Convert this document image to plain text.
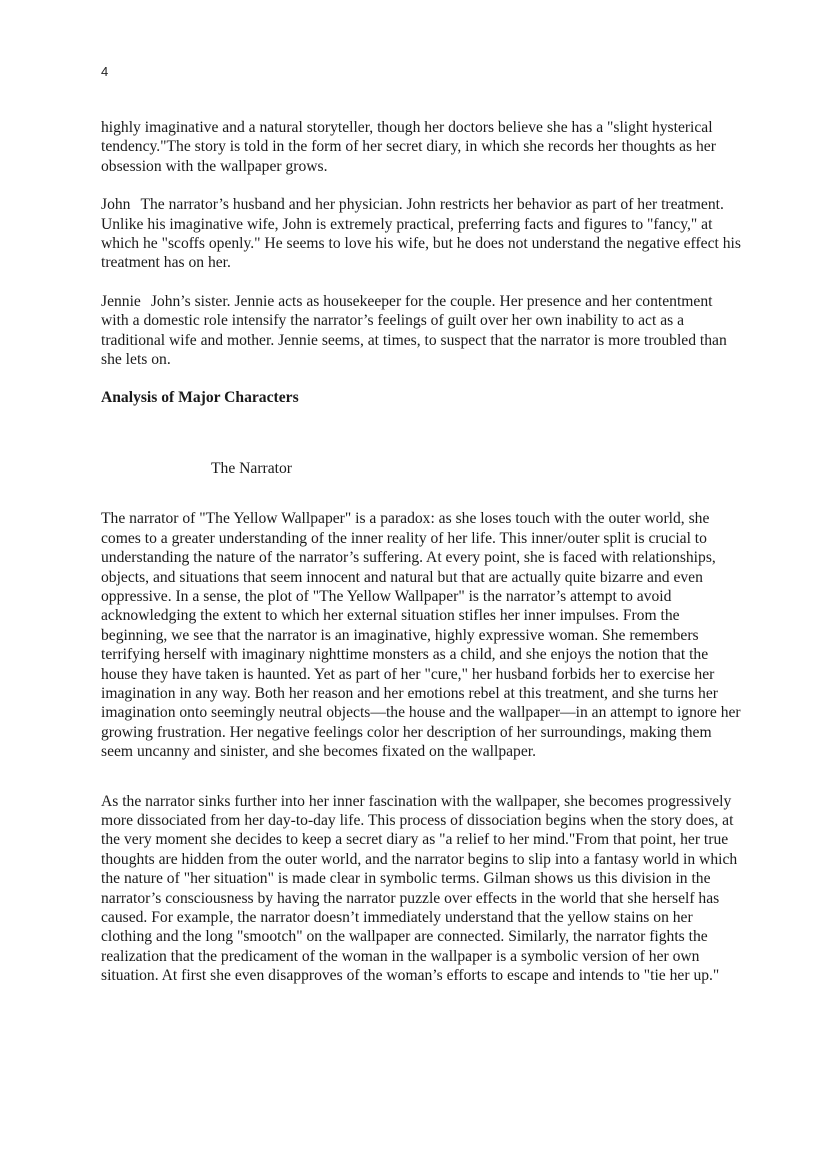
4

highly imaginative and a natural storyteller, though her doctors believe she has a "slight hysterical tendency."The story is told in the form of her secret diary, in which she records her thoughts as her obsession with the wallpaper grows.

John The narrator’s husband and her physician. John restricts her behavior as part of her treatment. Unlike his imaginative wife, John is extremely practical, preferring facts and figures to "fancy," at which he "scoffs openly." He seems to love his wife, but he does not understand the negative effect his treatment has on her.

Jennie John’s sister. Jennie acts as housekeeper for the couple. Her presence and her contentment with a domestic role intensify the narrator’s feelings of guilt over her own inability to act as a traditional wife and mother. Jennie seems, at times, to suspect that the narrator is more troubled than she lets on.

Analysis of Major Characters
The Narrator

The narrator of "The Yellow Wallpaper" is a paradox: as she loses touch with the outer world, she comes to a greater understanding of the inner reality of her life. This inner/outer split is crucial to understanding the nature of the narrator’s suffering. At every point, she is faced with relationships, objects, and situations that seem innocent and natural but that are actually quite bizarre and even oppressive. In a sense, the plot of "The Yellow Wallpaper" is the narrator’s attempt to avoid acknowledging the extent to which her external situation stifles her inner impulses. From the beginning, we see that the narrator is an imaginative, highly expressive woman. She remembers terrifying herself with imaginary nighttime monsters as a child, and she enjoys the notion that the house they have taken is haunted. Yet as part of her "cure," her husband forbids her to exercise her imagination in any way. Both her reason and her emotions rebel at this treatment, and she turns her imagination onto seemingly neutral objects—the house and the wallpaper—in an attempt to ignore her growing frustration. Her negative feelings color her description of her surroundings, making them seem uncanny and sinister, and she becomes fixated on the wallpaper.

As the narrator sinks further into her inner fascination with the wallpaper, she becomes progressively more dissociated from her day-to-day life. This process of dissociation begins when the story does, at the very moment she decides to keep a secret diary as "a relief to her mind."From that point, her true thoughts are hidden from the outer world, and the narrator begins to slip into a fantasy world in which the nature of "her situation" is made clear in symbolic terms. Gilman shows us this division in the narrator’s consciousness by having the narrator puzzle over effects in the world that she herself has caused. For example, the narrator doesn’t immediately understand that the yellow stains on her clothing and the long "smootch" on the wallpaper are connected. Similarly, the narrator fights the realization that the predicament of the woman in the wallpaper is a symbolic version of her own situation. At first she even disapproves of the woman’s efforts to escape and intends to "tie her up."
